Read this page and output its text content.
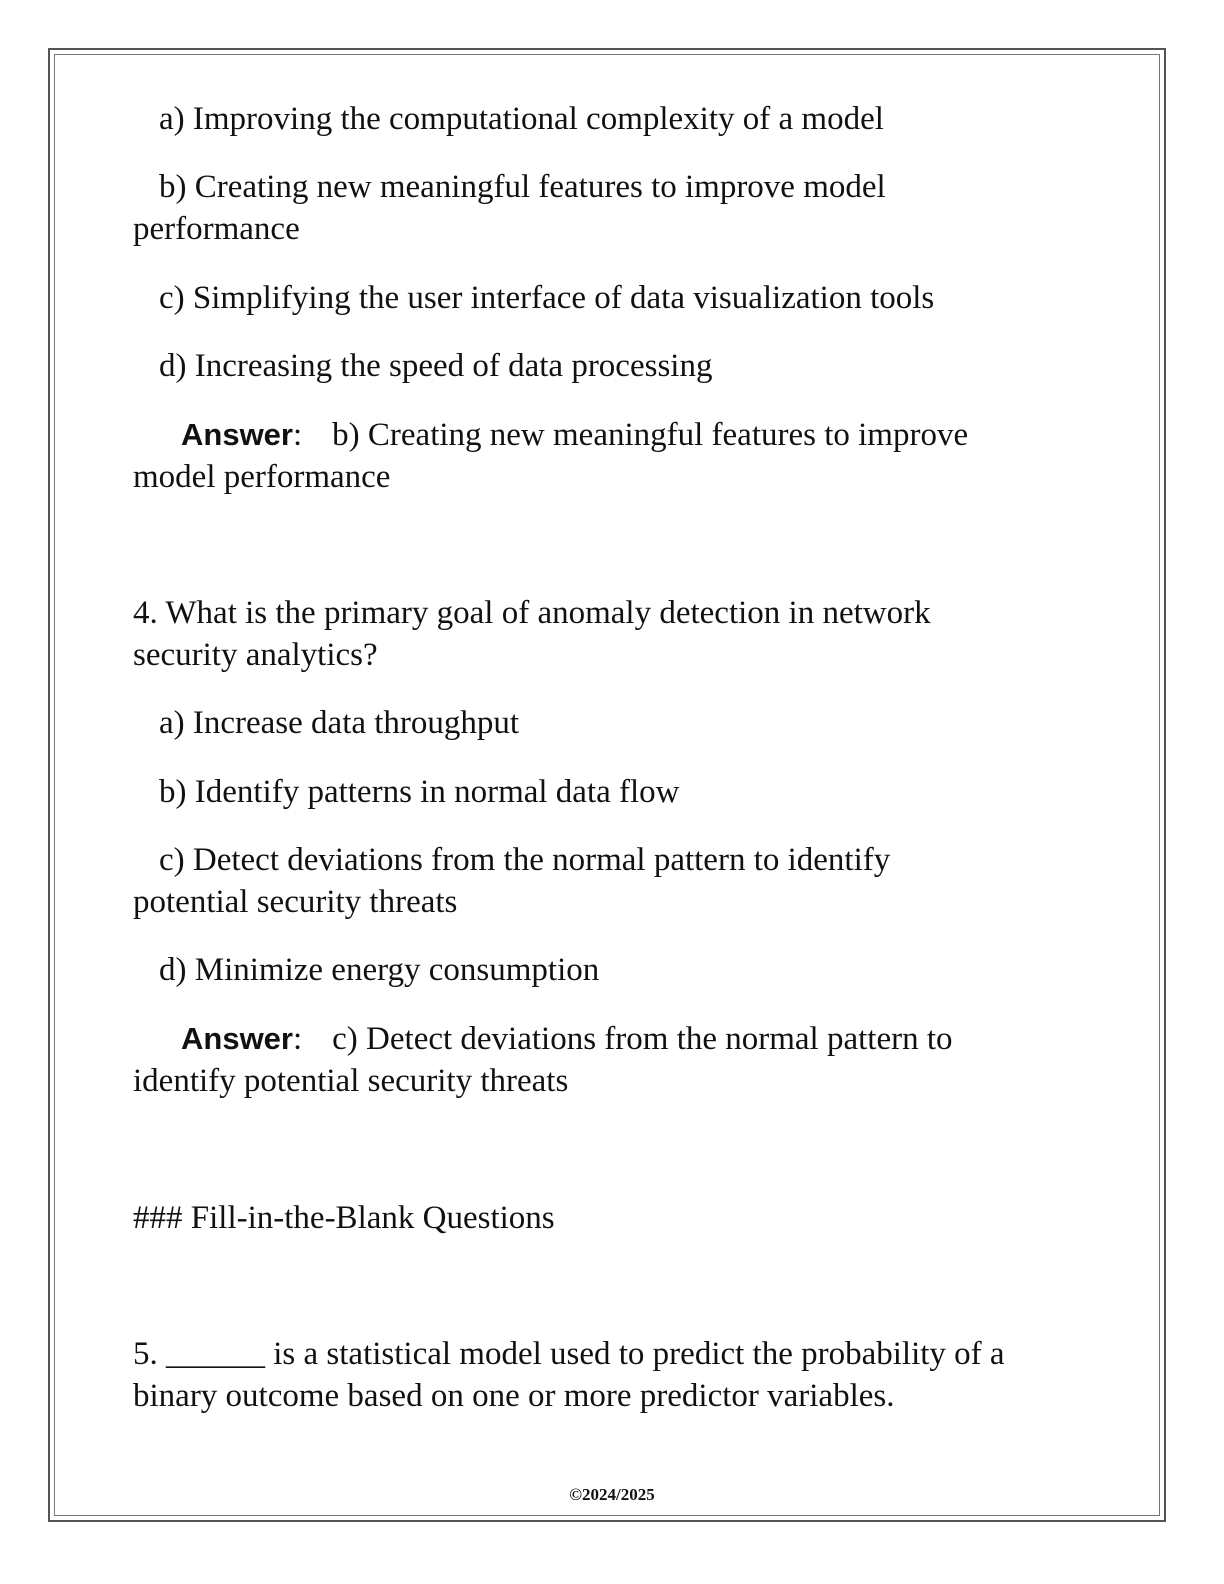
a) Improving the computational complexity of a model
b) Creating new meaningful features to improve model
performance
c) Simplifying the user interface of data visualization tools
d) Increasing the speed of data processing
Answer: b) Creating new meaningful features to improve
model performance
4. What is the primary goal of anomaly detection in network
security analytics?
a) Increase data throughput
b) Identify patterns in normal data flow
c) Detect deviations from the normal pattern to identify
potential security threats
d) Minimize energy consumption
Answer: c) Detect deviations from the normal pattern to
identify potential security threats
### Fill-in-the-Blank Questions
5. ______ is a statistical model used to predict the probability of a
binary outcome based on one or more predictor variables.
©2024/2025
